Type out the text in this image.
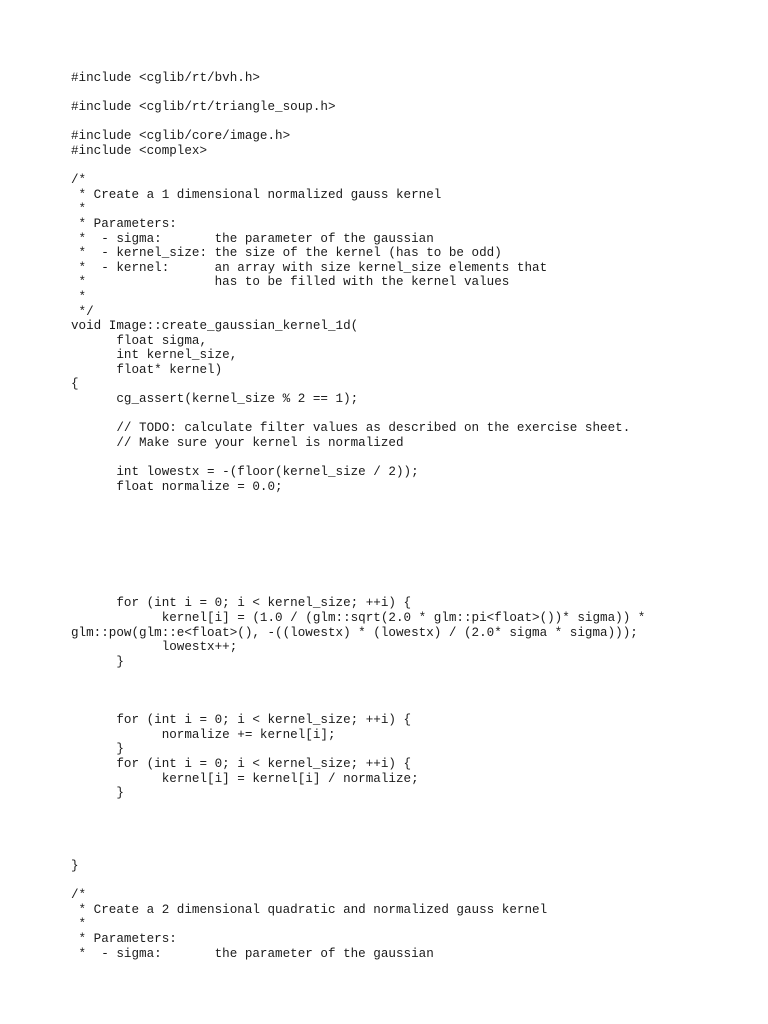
#include <cglib/rt/bvh.h>
#include <cglib/rt/triangle_soup.h>
#include <cglib/core/image.h>
#include <complex>
/*
* Create a 1 dimensional normalized gauss kernel
*
* Parameters:
*  - sigma:       the parameter of the gaussian
*  - kernel_size: the size of the kernel (has to be odd)
*  - kernel:      an array with size kernel_size elements that
*                 has to be filled with the kernel values
*
*/
void Image::create_gaussian_kernel_1d(
float sigma,
int kernel_size,
float* kernel)
{
cg_assert(kernel_size % 2 == 1);
// TODO: calculate filter values as described on the exercise sheet.
// Make sure your kernel is normalized
int lowestx = -(floor(kernel_size / 2));
float normalize = 0.0;
for (int i = 0; i < kernel_size; ++i) {
kernel[i] = (1.0 / (glm::sqrt(2.0 * glm::pi<float>())* sigma)) *
glm::pow(glm::e<float>(), -((lowestx) * (lowestx) / (2.0* sigma * sigma)));
lowestx++;
}
for (int i = 0; i < kernel_size; ++i) {
normalize += kernel[i];
}
for (int i = 0; i < kernel_size; ++i) {
kernel[i] = kernel[i] / normalize;
}
}
/*
* Create a 2 dimensional quadratic and normalized gauss kernel
*
* Parameters:
*  - sigma:       the parameter of the gaussian
